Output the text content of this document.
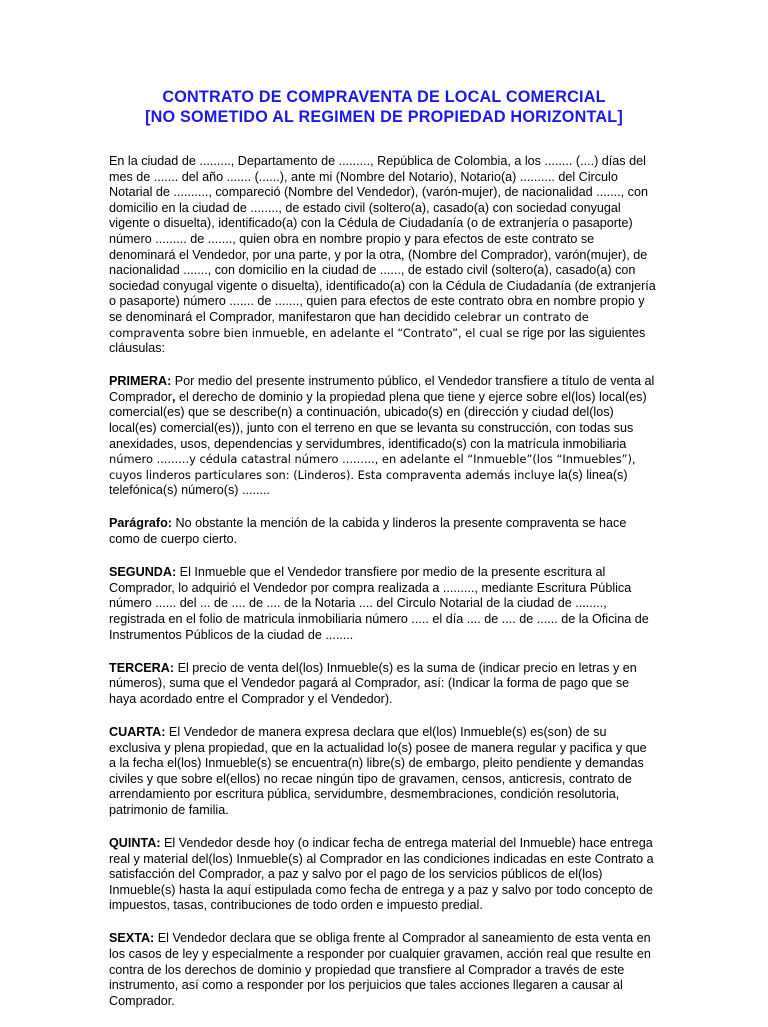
CONTRATO DE COMPRAVENTA DE LOCAL COMERCIAL
[NO SOMETIDO AL REGIMEN DE PROPIEDAD HORIZONTAL]

En la ciudad de ........., Departamento de ........., República de Colombia, a los ........ (....) días del mes de ....... del año ....... (......), ante mi (Nombre del Notario), Notario(a) .......... del Circulo Notarial de .........., compareció (Nombre del Vendedor), (varón-mujer), de nacionalidad ......., con domicilio en la ciudad de ........, de estado civil (soltero(a), casado(a) con sociedad conyugal vigente o disuelta), identificado(a) con la Cédula de Ciudadanía (o de extranjería o pasaporte) número ......... de ......., quien obra en nombre propio y para efectos de este contrato se denominará el Vendedor, por una parte, y por la otra, (Nombre del Comprador), varón(mujer), de nacionalidad ......., con domicilio en la ciudad de ......, de estado civil (soltero(a), casado(a) con sociedad conyugal vigente o disuelta), identificado(a) con la Cédula de Ciudadanía (de extranjería o pasaporte) número ....... de ......., quien para efectos de este contrato obra en nombre propio y se denominará el Comprador, manifestaron que han decidido celebrar un contrato de compraventa sobre bien inmueble, en adelante el “Contrato”, el cual se rige por las siguientes cláusulas:

PRIMERA: Por medio del presente instrumento público, el Vendedor transfiere a título de venta al Comprador, el derecho de dominio y la propiedad plena que tiene y ejerce sobre el(los) local(es) comercial(es) que se describe(n) a continuación, ubicado(s) en (dirección y ciudad del(los) local(es) comercial(es)), junto con el terreno en que se levanta su construcción, con todas sus anexidades, usos, dependencias y servidumbres, identificado(s) con la matrícula inmobiliaria número .........y cédula catastral número ........., en adelante el “Inmueble”(los “Inmuebles”), cuyos linderos particulares son: (Linderos). Esta compraventa además incluye la(s) linea(s) telefónica(s) número(s) ........

Parágrafo: No obstante la mención de la cabida y linderos la presente compraventa se hace como de cuerpo cierto.

SEGUNDA: El Inmueble que el Vendedor transfiere por medio de la presente escritura al Comprador, lo adquirió el Vendedor por compra realizada a ........., mediante Escritura Pública número ...... del ... de .... de .... de la Notaria .... del Circulo Notarial de la ciudad de ........, registrada en el folio de matricula inmobiliaria número ..... el día .... de .... de ...... de la Oficina de Instrumentos Públicos de la ciudad de ........

TERCERA: El precio de venta del(los) Inmueble(s) es la suma de (indicar precio en letras y en números), suma que el Vendedor pagará al Comprador, así: (Indicar la forma de pago que se haya acordado entre el Comprador y el Vendedor).

CUARTA: El Vendedor de manera expresa declara que el(los) Inmueble(s) es(son) de su exclusiva y plena propiedad, que en la actualidad lo(s) posee de manera regular y pacifica y que a la fecha el(los) Inmueble(s) se encuentra(n) libre(s) de embargo, pleito pendiente y demandas civiles y que sobre el(ellos) no recae ningún tipo de gravamen, censos, anticresis, contrato de arrendamiento por escritura pública, servidumbre, desmembraciones, condición resolutoria, patrimonio de familia.

QUINTA: El Vendedor desde hoy (o indicar fecha de entrega material del Inmueble) hace entrega real y material del(los) Inmueble(s) al Comprador en las condiciones indicadas en este Contrato a satisfacción del Comprador, a paz y salvo por el pago de los servicios públicos de el(los) Inmueble(s) hasta la aquí estipulada como fecha de entrega y a paz y salvo por todo concepto de impuestos, tasas, contribuciones de todo orden e impuesto predial.

SEXTA: El Vendedor declara que se obliga frente al Comprador al saneamiento de esta venta en los casos de ley y especialmente a responder por cualquier gravamen, acción real que resulte en contra de los derechos de dominio y propiedad que transfiere al Comprador a través de este instrumento, así como a responder por los perjuicios que tales acciones llegaren a causar al Comprador.
